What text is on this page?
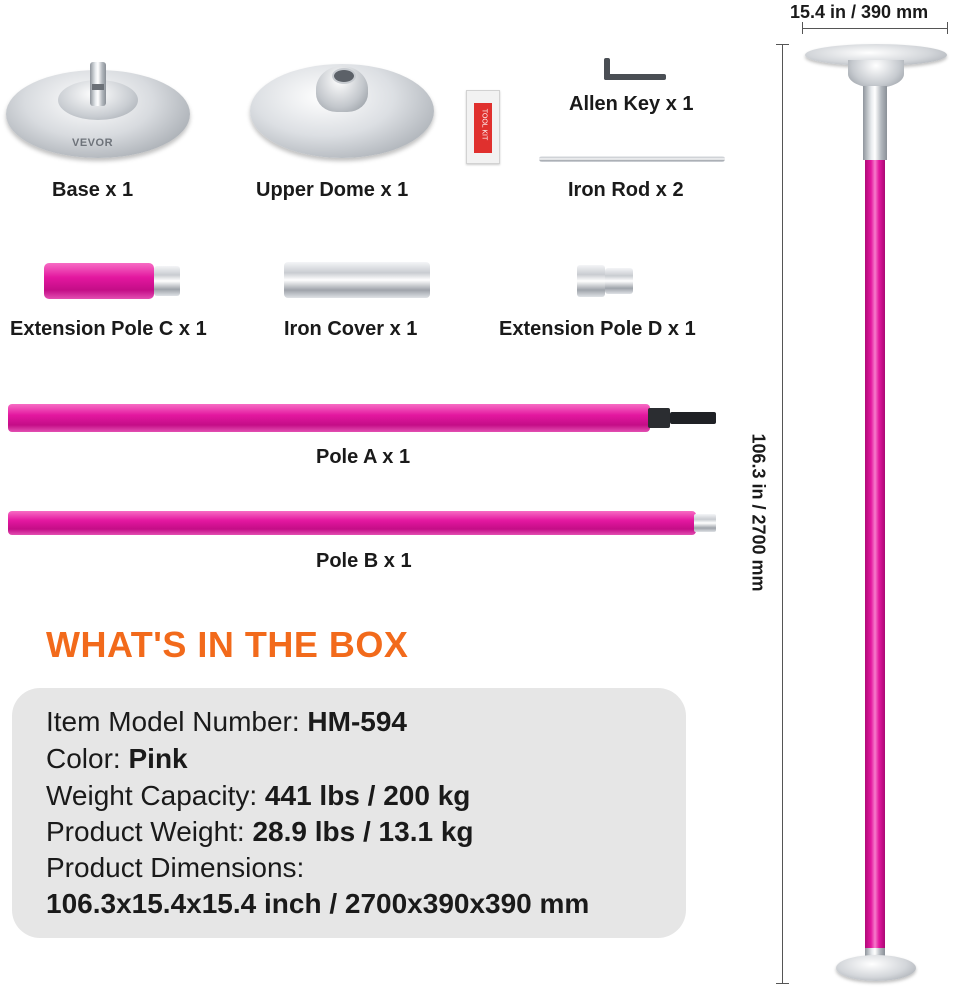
VEVOR
Base x 1	Upper Dome x 1
TOOL KIT
Allen Key x 1
Iron Rod x 2
Extension Pole C x 1	Iron Cover x 1	Extension Pole D x 1
Pole A x 1
Pole B x 1
WHAT'S IN THE BOX
Item Model Number: HM-594
Color: Pink
Weight Capacity: 441 lbs / 200 kg
Product Weight: 28.9 lbs / 13.1 kg
Product Dimensions:
106.3x15.4x15.4 inch / 2700x390x390 mm
15.4 in / 390 mm
106.3 in / 2700 mm
